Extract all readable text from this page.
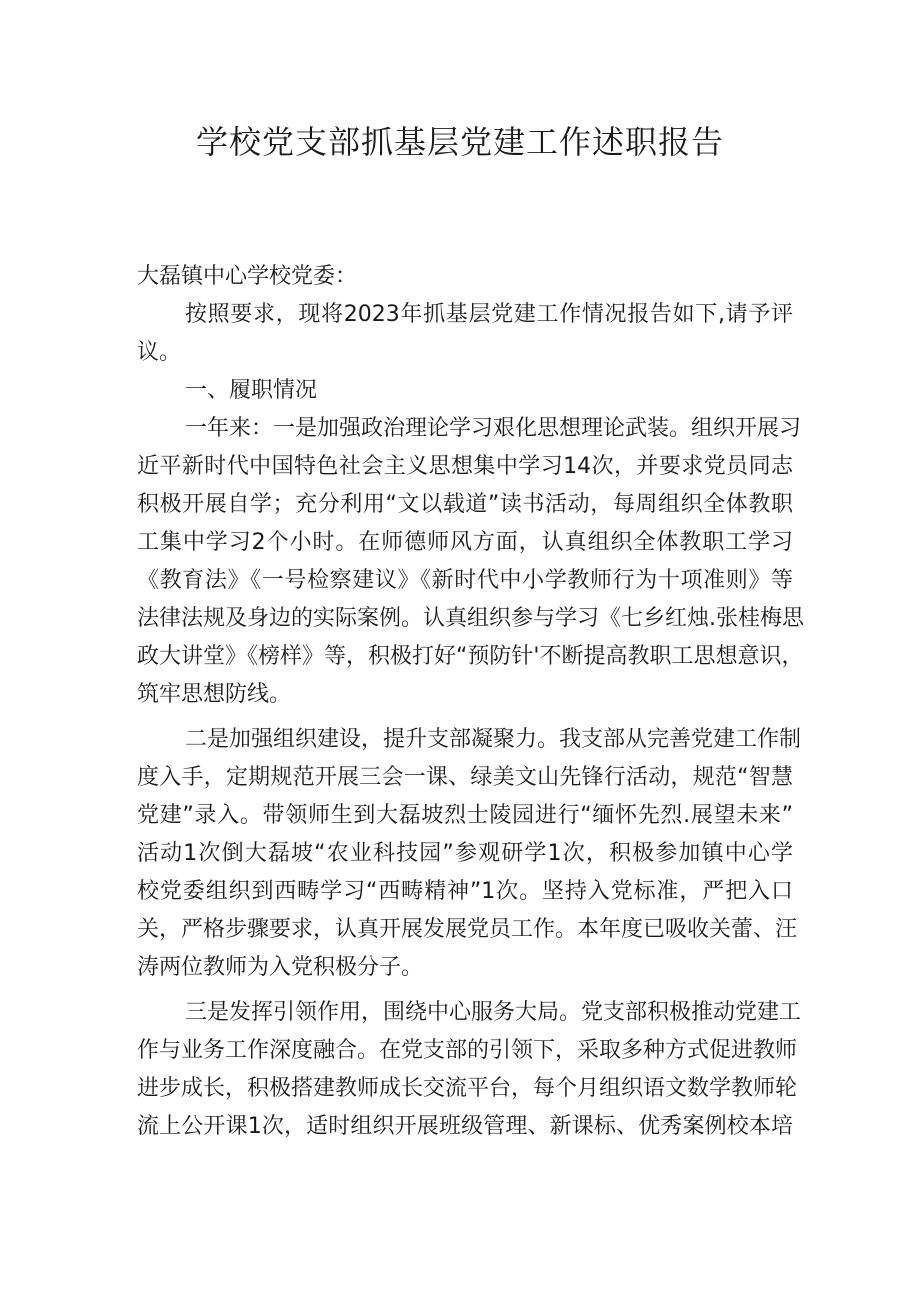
学校党支部抓基层党建工作述职报告
大磊镇中心学校党委：
按照要求，现将2023年抓基层党建工作情况报告如下,请予评
议。
一、履职情况
一年来：一是加强政治理论学习艰化思想理论武装。组织开展习
近平新时代中国特色社会主义思想集中学习14次，并要求党员同志
积极开展自学；充分利用“文以载道”读书活动，每周组织全体教职
工集中学习2个小时。在师德师风方面，认真组织全体教职工学习
《教育法》《一号检察建议》《新时代中小学教师行为十项准则》等
法律法规及身边的实际案例。认真组织参与学习《七乡红烛.张桂梅思
政大讲堂》《榜样》等，积极打好“预防针'不断提高教职工思想意识，
筑牢思想防线。
二是加强组织建设，提升支部凝聚力。我支部从完善党建工作制
度入手，定期规范开展三会一课、绿美文山先锋行活动，规范“智慧
党建”录入。带领师生到大磊坡烈士陵园进行“缅怀先烈.展望未来”
活动1次倒大磊坡“农业科技园”参观研学1次，积极参加镇中心学
校党委组织到西畴学习“西畴精神”1次。坚持入党标准，严把入口
关，严格步骤要求，认真开展发展党员工作。本年度已吸收关蕾、汪
涛两位教师为入党积极分子。
三是发挥引领作用，围绕中心服务大局。党支部积极推动党建工
作与业务工作深度融合。在党支部的引领下，采取多种方式促进教师
进步成长，积极搭建教师成长交流平台，每个月组织语文数学教师轮
流上公开课1次，适时组织开展班级管理、新课标、优秀案例校本培
